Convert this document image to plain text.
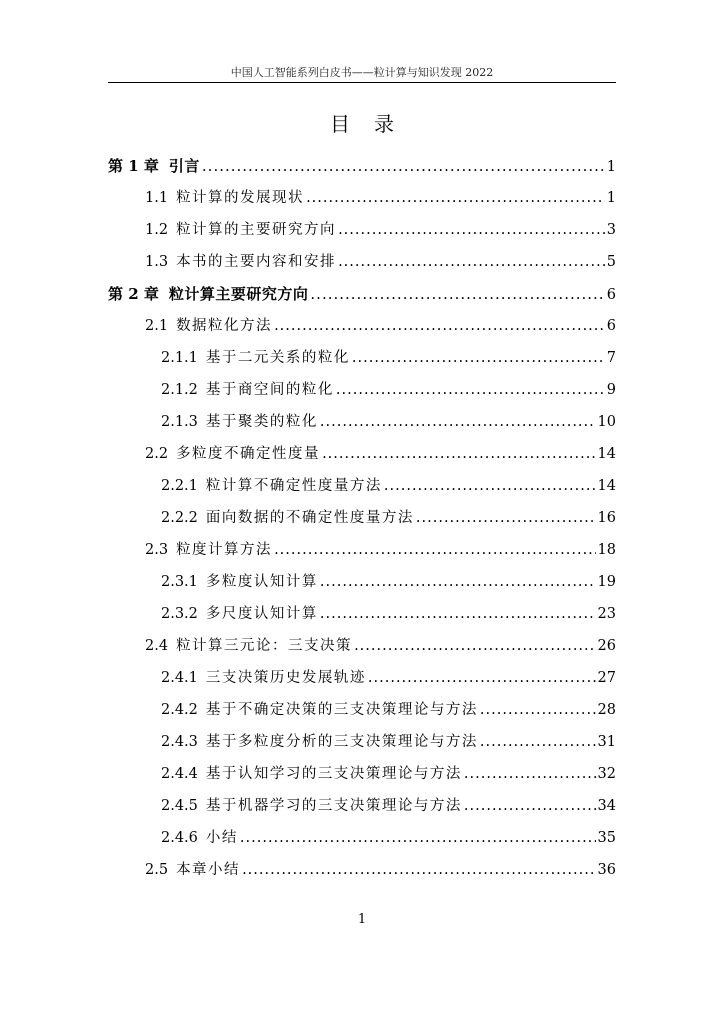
中国人工智能系列白皮书——粒计算与知识发现 2022
目录
第 1 章 引言 .....	1
1.1 粒计算的发展现状 .....	1
1.2 粒计算的主要研究方向 .....	3
1.3 本书的主要内容和安排 .....	5
第 2 章 粒计算主要研究方向 .....	6
2.1 数据粒化方法 .....	6
2.1.1 基于二元关系的粒化 .....	7
2.1.2 基于商空间的粒化 .....	9
2.1.3 基于聚类的粒化 .....	10
2.2 多粒度不确定性度量 .....	14
2.2.1 粒计算不确定性度量方法 .....	14
2.2.2 面向数据的不确定性度量方法 .....	16
2.3 粒度计算方法 .....	18
2.3.1 多粒度认知计算 .....	19
2.3.2 多尺度认知计算 .....	23
2.4 粒计算三元论：三支决策 .....	26
2.4.1 三支决策历史发展轨迹 .....	27
2.4.2 基于不确定决策的三支决策理论与方法 .....	28
2.4.3 基于多粒度分析的三支决策理论与方法 .....	31
2.4.4 基于认知学习的三支决策理论与方法 .....	32
2.4.5 基于机器学习的三支决策理论与方法 .....	34
2.4.6 小结 .....	35
2.5 本章小结 .....	36
1
